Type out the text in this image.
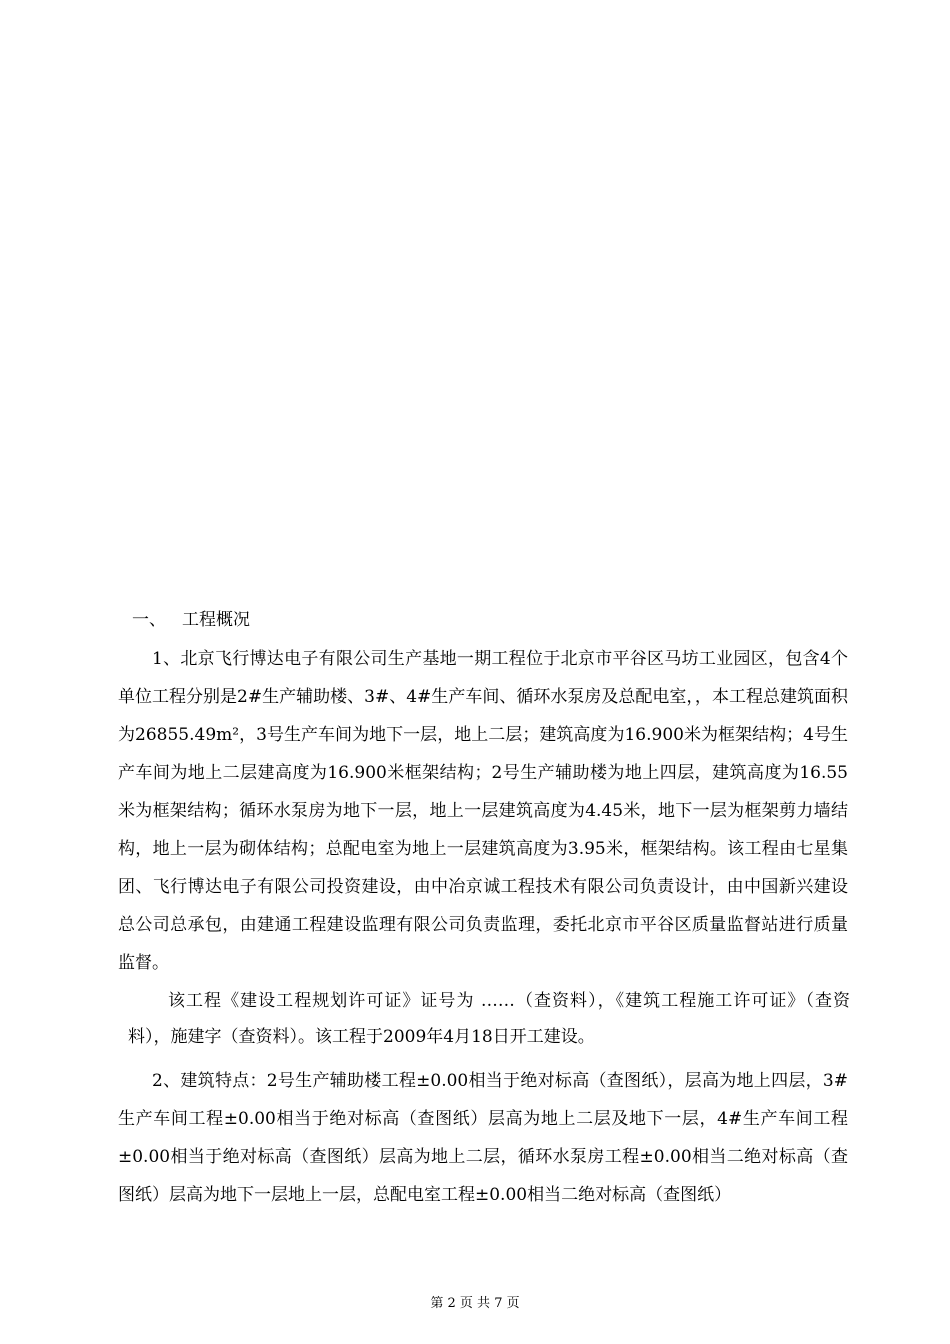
一、 工程概况

1、北京飞行博达电子有限公司生产基地一期工程位于北京市平谷区马坊工业园区，包含4个单位工程分别是2#生产辅助楼、3#、4#生产车间、循环水泵房及总配电室，，本工程总建筑面积为26855.49m²，3号生产车间为地下一层，地上二层；建筑高度为16.900米为框架结构；4号生产车间为地上二层建高度为16.900米框架结构；2号生产辅助楼为地上四层，建筑高度为16.55米为框架结构；循环水泵房为地下一层，地上一层建筑高度为4.45米，地下一层为框架剪力墙结构，地上一层为砌体结构；总配电室为地上一层建筑高度为3.95米，框架结构。该工程由七星集团、飞行博达电子有限公司投资建设，由中冶京诚工程技术有限公司负责设计，由中国新兴建设总公司总承包，由建通工程建设监理有限公司负责监理，委托北京市平谷区质量监督站进行质量监督。

该工程《建设工程规划许可证》证号为 ……（查资料），《建筑工程施工许可证》（查资料），施建字（查资料）。该工程于2009年4月18日开工建设。

2、建筑特点：2号生产辅助楼工程±0.00相当于绝对标高（查图纸），层高为地上四层，3#生产车间工程±0.00相当于绝对标高（查图纸）层高为地上二层及地下一层，4#生产车间工程±0.00相当于绝对标高（查图纸）层高为地上二层，循环水泵房工程±0.00相当二绝对标高（查图纸）层高为地下一层地上一层，总配电室工程±0.00相当二绝对标高（查图纸）

第 2 页 共 7 页
